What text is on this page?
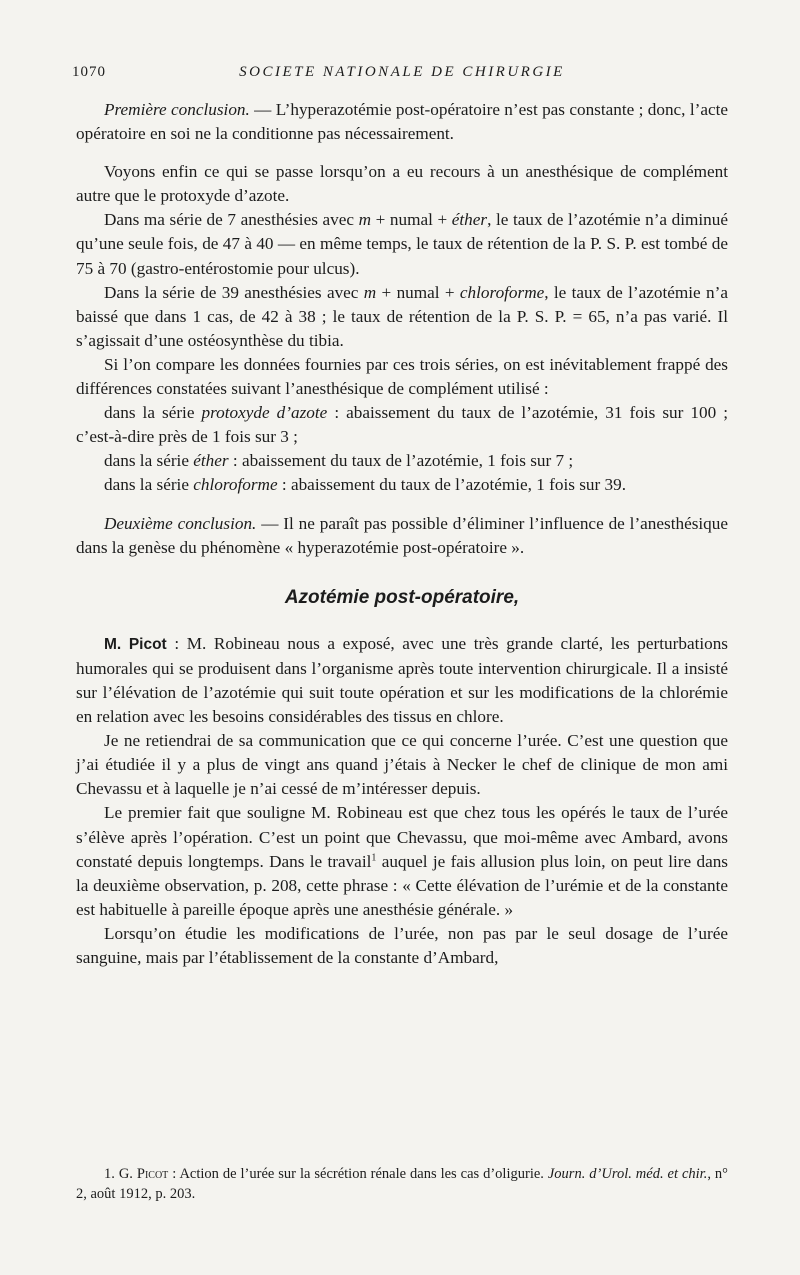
1070	SOCIETE NATIONALE DE CHIRURGIE

Première conclusion. — L’hyperazotémie post-opératoire n’est pas constante ; donc, l’acte opératoire en soi ne la conditionne pas nécessairement.

Voyons enfin ce qui se passe lorsqu’on a eu recours à un anesthésique de complément autre que le protoxyde d’azote.

Dans ma série de 7 anesthésies avec m + numal + éther, le taux de l’azotémie n’a diminué qu’une seule fois, de 47 à 40 — en même temps, le taux de rétention de la P. S. P. est tombé de 75 à 70 (gastro-entérostomie pour ulcus).

Dans la série de 39 anesthésies avec m + numal + chloroforme, le taux de l’azotémie n’a baissé que dans 1 cas, de 42 à 38 ; le taux de rétention de la P. S. P. = 65, n’a pas varié. Il s’agissait d’une ostéosynthèse du tibia.

Si l’on compare les données fournies par ces trois séries, on est inévitablement frappé des différences constatées suivant l’anesthésique de complément utilisé :

dans la série protoxyde d’azote : abaissement du taux de l’azotémie, 31 fois sur 100 ; c’est-à-dire près de 1 fois sur 3 ;

dans la série éther : abaissement du taux de l’azotémie, 1 fois sur 7 ;

dans la série chloroforme : abaissement du taux de l’azotémie, 1 fois sur 39.

Deuxième conclusion. — Il ne paraît pas possible d’éliminer l’influence de l’anesthésique dans la genèse du phénomène « hyperazotémie post-opératoire ».

Azotémie post-opératoire,

M. Picot : M. Robineau nous a exposé, avec une très grande clarté, les perturbations humorales qui se produisent dans l’organisme après toute intervention chirurgicale. Il a insisté sur l’élévation de l’azotémie qui suit toute opération et sur les modifications de la chlorémie en relation avec les besoins considérables des tissus en chlore.

Je ne retiendrai de sa communication que ce qui concerne l’urée. C’est une question que j’ai étudiée il y a plus de vingt ans quand j’étais à Necker le chef de clinique de mon ami Chevassu et à laquelle je n’ai cessé de m’intéresser depuis.

Le premier fait que souligne M. Robineau est que chez tous les opérés le taux de l’urée s’élève après l’opération. C’est un point que Chevassu, que moi-même avec Ambard, avons constaté depuis longtemps. Dans le travail$^1$ auquel je fais allusion plus loin, on peut lire dans la deuxième observation, p. 208, cette phrase : « Cette élévation de l’urémie et de la constante est habituelle à pareille époque après une anesthésie générale. »

Lorsqu’on étudie les modifications de l’urée, non pas par le seul dosage de l’urée sanguine, mais par l’établissement de la constante d’Ambard,

1. G. Picot : Action de l’urée sur la sécrétion rénale dans les cas d’oligurie. Journ. d’Urol. méd. et chir., n° 2, août 1912, p. 203.
